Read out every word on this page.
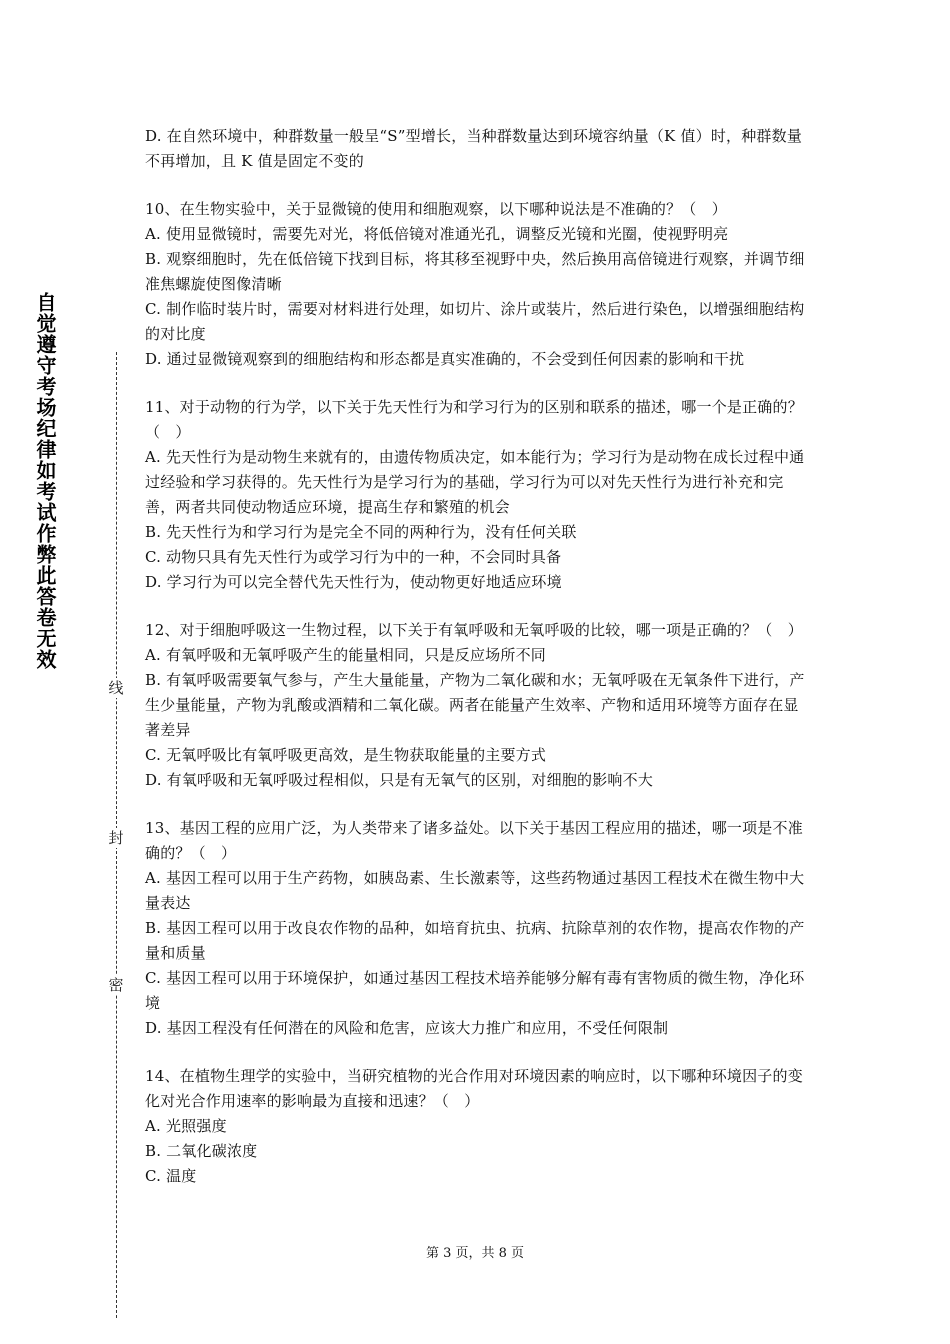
自觉遵守考场纪律如考试作弊此答卷无效
线
封
密

D. 在自然环境中，种群数量一般呈“S”型增长，当种群数量达到环境容纳量（K 值）时，种群数量不再增加，且 K 值是固定不变的

10、在生物实验中，关于显微镜的使用和细胞观察，以下哪种说法是不准确的？（　）

A. 使用显微镜时，需要先对光，将低倍镜对准通光孔，调整反光镜和光圈，使视野明亮

B. 观察细胞时，先在低倍镜下找到目标，将其移至视野中央，然后换用高倍镜进行观察，并调节细准焦螺旋使图像清晰

C. 制作临时装片时，需要对材料进行处理，如切片、涂片或装片，然后进行染色，以增强细胞结构的对比度

D. 通过显微镜观察到的细胞结构和形态都是真实准确的，不会受到任何因素的影响和干扰

11、对于动物的行为学，以下关于先天性行为和学习行为的区别和联系的描述，哪一个是正确的？（　）

A. 先天性行为是动物生来就有的，由遗传物质决定，如本能行为；学习行为是动物在成长过程中通过经验和学习获得的。先天性行为是学习行为的基础，学习行为可以对先天性行为进行补充和完善，两者共同使动物适应环境，提高生存和繁殖的机会

B. 先天性行为和学习行为是完全不同的两种行为，没有任何关联

C. 动物只具有先天性行为或学习行为中的一种，不会同时具备

D. 学习行为可以完全替代先天性行为，使动物更好地适应环境

12、对于细胞呼吸这一生物过程，以下关于有氧呼吸和无氧呼吸的比较，哪一项是正确的？（　）

A. 有氧呼吸和无氧呼吸产生的能量相同，只是反应场所不同

B. 有氧呼吸需要氧气参与，产生大量能量，产物为二氧化碳和水；无氧呼吸在无氧条件下进行，产生少量能量，产物为乳酸或酒精和二氧化碳。两者在能量产生效率、产物和适用环境等方面存在显著差异

C. 无氧呼吸比有氧呼吸更高效，是生物获取能量的主要方式

D. 有氧呼吸和无氧呼吸过程相似，只是有无氧气的区别，对细胞的影响不大

13、基因工程的应用广泛，为人类带来了诸多益处。以下关于基因工程应用的描述，哪一项是不准确的？（　）

A. 基因工程可以用于生产药物，如胰岛素、生长激素等，这些药物通过基因工程技术在微生物中大量表达

B. 基因工程可以用于改良农作物的品种，如培育抗虫、抗病、抗除草剂的农作物，提高农作物的产量和质量

C. 基因工程可以用于环境保护，如通过基因工程技术培养能够分解有毒有害物质的微生物，净化环境

D. 基因工程没有任何潜在的风险和危害，应该大力推广和应用，不受任何限制

14、在植物生理学的实验中，当研究植物的光合作用对环境因素的响应时，以下哪种环境因子的变化对光合作用速率的影响最为直接和迅速？（　）

A. 光照强度

B. 二氧化碳浓度

C. 温度

第 3 页，共 8 页
